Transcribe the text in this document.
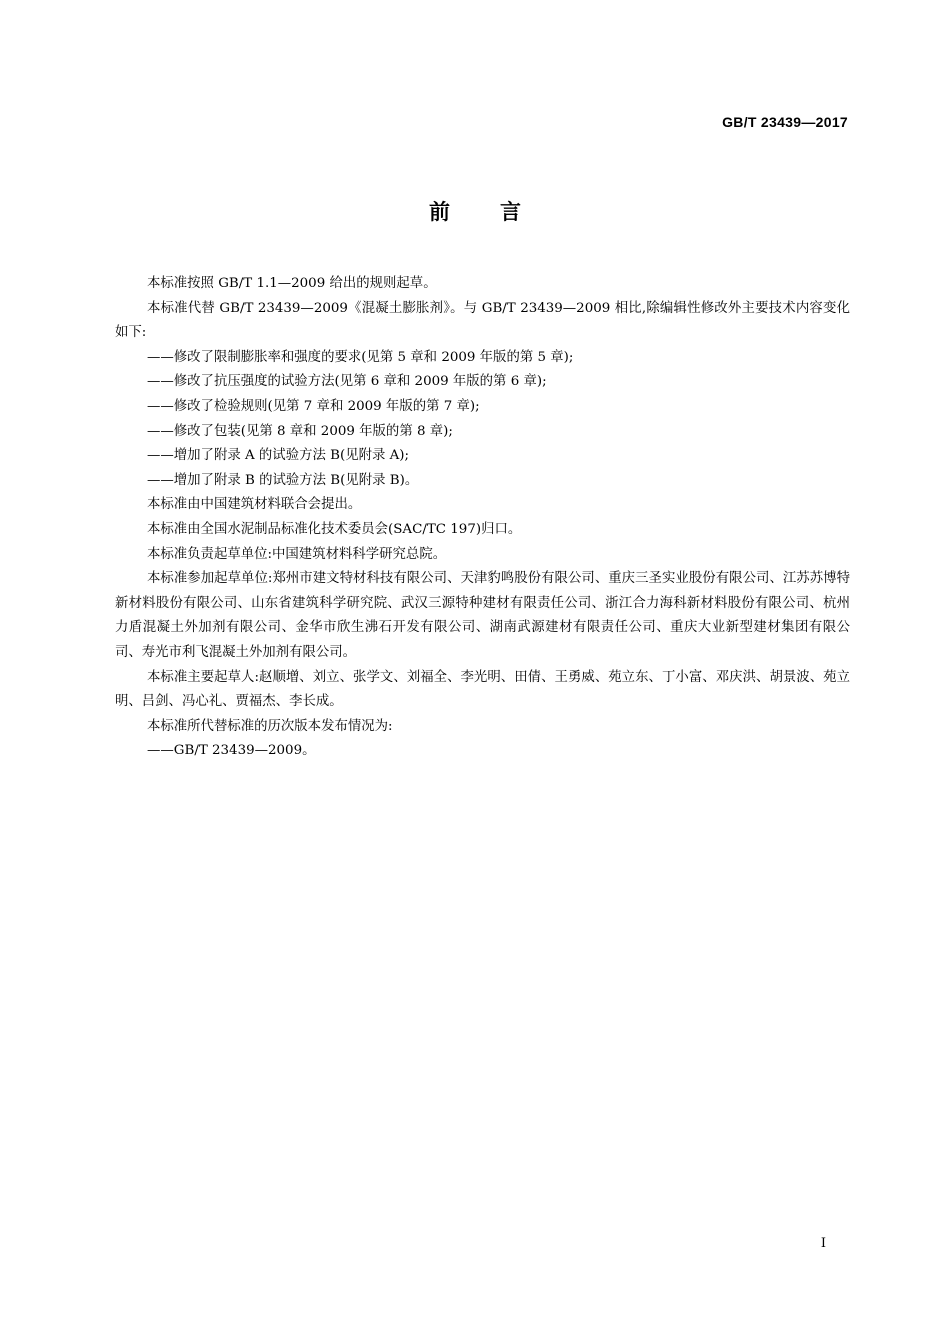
GB/T 23439—2017
前言

本标准按照 GB/T 1.1—2009 给出的规则起草。

本标准代替 GB/T 23439—2009《混凝土膨胀剂》。与 GB/T 23439—2009 相比,除编辑性修改外主要技术内容变化如下:

——修改了限制膨胀率和强度的要求(见第 5 章和 2009 年版的第 5 章);

——修改了抗压强度的试验方法(见第 6 章和 2009 年版的第 6 章);

——修改了检验规则(见第 7 章和 2009 年版的第 7 章);

——修改了包装(见第 8 章和 2009 年版的第 8 章);

——增加了附录 A 的试验方法 B(见附录 A);

——增加了附录 B 的试验方法 B(见附录 B)。

本标准由中国建筑材料联合会提出。

本标准由全国水泥制品标准化技术委员会(SAC/TC 197)归口。

本标准负责起草单位:中国建筑材料科学研究总院。

本标准参加起草单位:郑州市建文特材科技有限公司、天津豹鸣股份有限公司、重庆三圣实业股份有限公司、江苏苏博特新材料股份有限公司、山东省建筑科学研究院、武汉三源特种建材有限责任公司、浙江合力海科新材料股份有限公司、杭州力盾混凝土外加剂有限公司、金华市欣生沸石开发有限公司、湖南武源建材有限责任公司、重庆大业新型建材集团有限公司、寿光市利飞混凝土外加剂有限公司。

本标准主要起草人:赵顺增、刘立、张学文、刘福全、李光明、田倩、王勇威、苑立东、丁小富、邓庆洪、胡景波、苑立明、吕剑、冯心礼、贾福杰、李长成。

本标准所代替标准的历次版本发布情况为:

——GB/T 23439—2009。

I
